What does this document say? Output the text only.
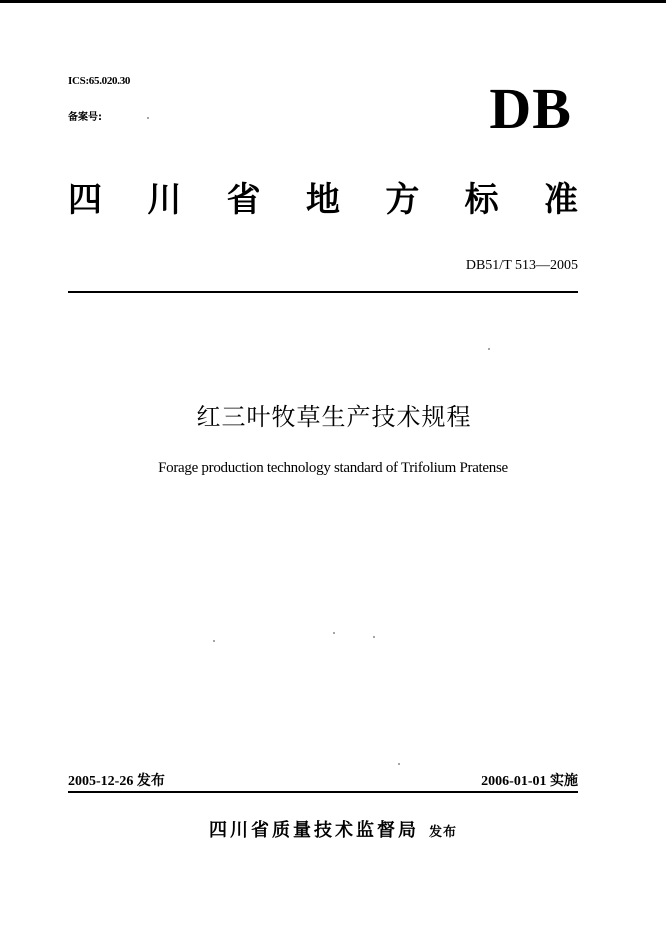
ICS:65.020.30
备案号:	DB
四 川 省 地 方 标 准
DB51/T 513—2005
红三叶牧草生产技术规程
Forage production technology standard of Trifolium Pratense
2005-12-26 发布	2006-01-01 实施
四川省质量技术监督局 发布
